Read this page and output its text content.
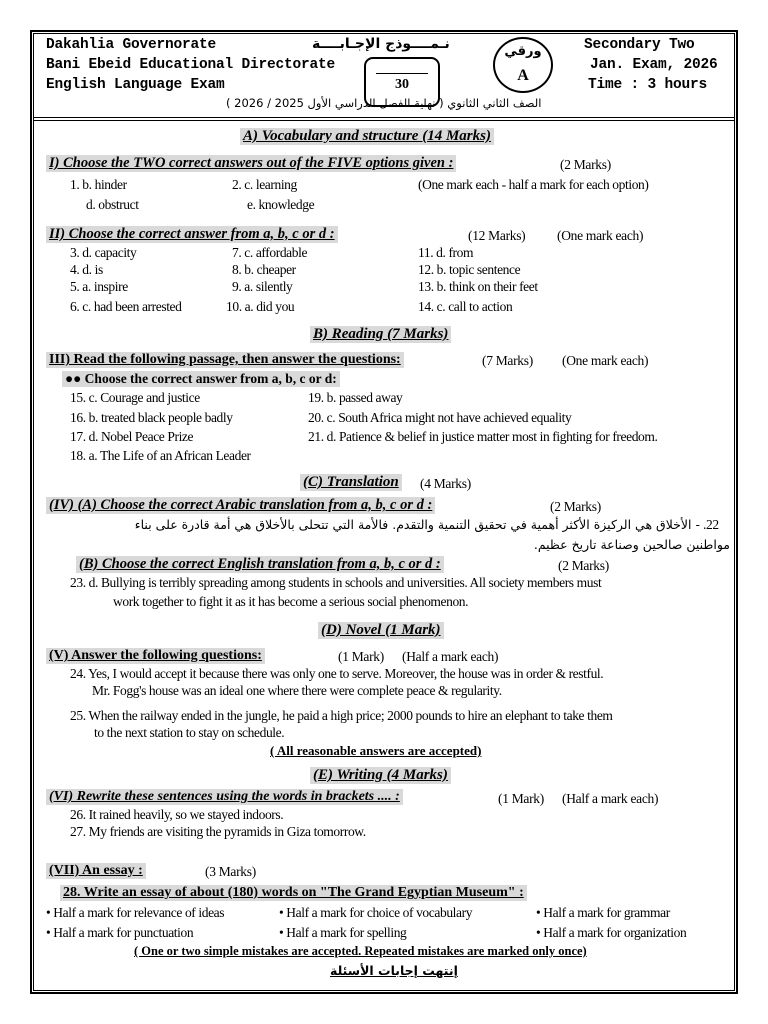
Dakahlia Governorate
Bani Ebeid Educational Directorate
English Language Exam
Secondary Two
Jan. Exam, 2026
Time : 3 hours
نـمــــوذج الإجـابــــة
30
ورقي
A
الصف الثاني الثانوي ( نهاية الفصل الدراسي الأول 2025 / 2026 )
A) Vocabulary and structure (14 Marks)
I) Choose the TWO correct answers out of the FIVE options given :	(2 Marks)
1. b. hinder	2. c. learning	(One mark each - half a mark for each option)
d. obstruct	e. knowledge
II) Choose the correct answer from a, b, c or d :	(12 Marks) (One mark each)
3. d. capacity
4. d. is
5. a. inspire
6. c. had been arrested
7. c. affordable
8. b. cheaper
9. a. silently
10. a. did you
11. d. from
12. b. topic sentence
13. b. think on their feet
14. c. call to action
B) Reading (7 Marks)
III) Read the following passage, then answer the questions:	(7 Marks) (One mark each)
●● Choose the correct answer from a, b, c or d:
15. c. Courage and justice
16. b. treated black people badly
17. d. Nobel Peace Prize
18. a. The Life of an African Leader
19. b. passed away
20. c. South Africa might not have achieved equality
21. d. Patience & belief in justice matter most in fighting for freedom.
(C) Translation (4 Marks)
(IV) (A) Choose the correct Arabic translation from a, b, c or d :	(2 Marks)
.22
- الأخلاق هي الركيزة الأكثر أهمية في تحقيق التنمية والتقدم. فالأمة التي تتحلى بالأخلاق هي أمة قادرة على بناء
مواطنين صالحين وصناعة تاريخ عظيم.
(B) Choose the correct English translation from a, b, c or d :	(2 Marks)
23. d. Bullying is terribly spreading among students in schools and universities. All society members must
work together to fight it as it has become a serious social phenomenon.
(D) Novel (1 Mark)
(V) Answer the following questions:	(1 Mark) (Half a mark each)
24. Yes, I would accept it because there was only one to serve. Moreover, the house was in order & restful.
Mr. Fogg's house was an ideal one where there were complete peace & regularity.
25. When the railway ended in the jungle, he paid a high price; 2000 pounds to hire an elephant to take them
to the next station to stay on schedule.
( All reasonable answers are accepted)
(E) Writing (4 Marks)
(VI) Rewrite these sentences using the words in brackets .... :	(1 Mark) (Half a mark each)
26. It rained heavily, so we stayed indoors.
27. My friends are visiting the pyramids in Giza tomorrow.
(VII) An essay :	(3 Marks)
28. Write an essay of about (180) words on "The Grand Egyptian Museum" :
• Half a mark for relevance of ideas	• Half a mark for choice of vocabulary	• Half a mark for grammar
• Half a mark for punctuation	• Half a mark for spelling	• Half a mark for organization
( One or two simple mistakes are accepted. Repeated mistakes are marked only once)
إنتهت إجابات الأسئلة
